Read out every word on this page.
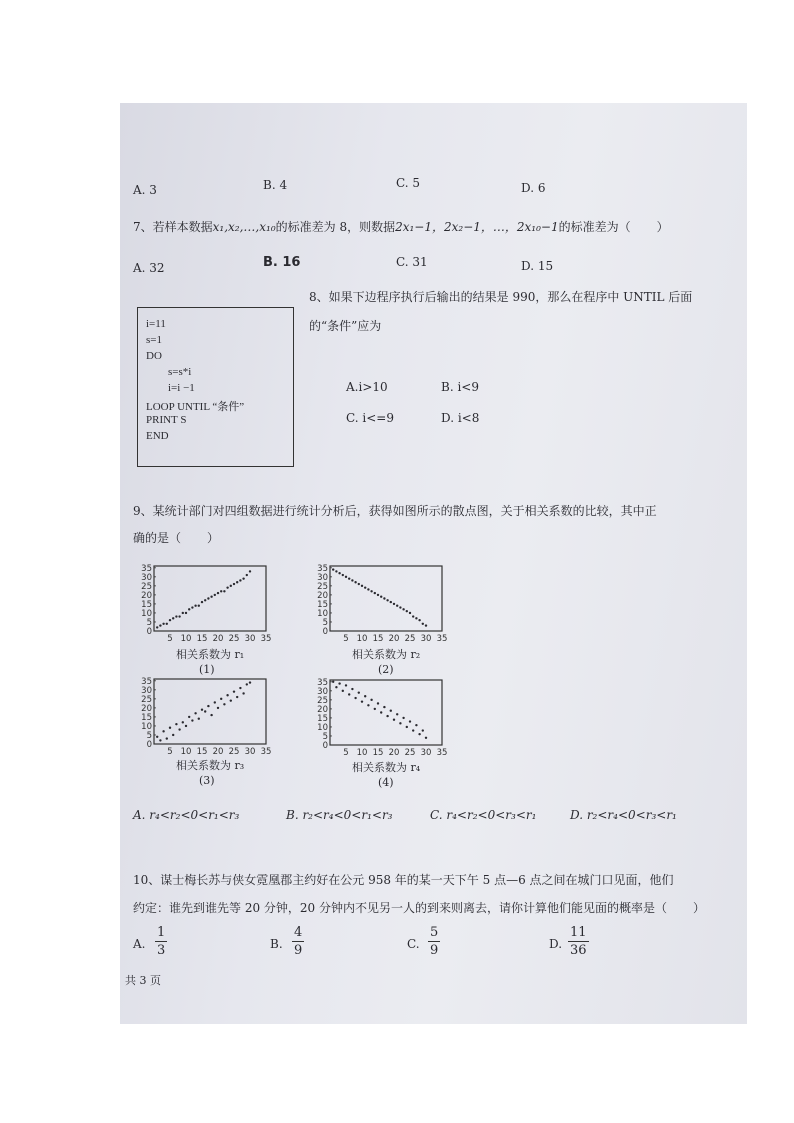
A. 3	B. 4	C. 5	D. 6
7、若样本数据x₁,x₂,…,x₁₀的标准差为 8，则数据2x₁−1，2x₂−1，…，2x₁₀−1的标准差为（ ）
A. 32	B. 16	C. 31	D. 15
8、如果下边程序执行后输出的结果是 990，那么在程序中 UNTIL 后面
的“条件”应为
i=11
s=1
DO
s=s*i
i=i −1
LOOP UNTIL “条件”
PRINT S
END
A.i>10	B. i<9
C. i<=9	D. i<8
9、某统计部门对四组数据进行统计分析后，获得如图所示的散点图，关于相关系数的比较，其中正
确的是（ ）
0
5
10
15
20
25
30
35
5 10 15 20 25 30 35
0
5
10
15
20
25
30
35
5 10 15 20 25 30 35
0
5
10
15
20
25
30
35
5 10 15 20 25 30 35
0
5
10
15
20
25
30
35
5 10 15 20 25 30 35
相关系数为 r₁
(1)
相关系数为 r₂
(2)
相关系数为 r₃
(3)
相关系数为 r₄
(4)
A. r₄<r₂<0<r₁<r₃	B. r₂<r₄<0<r₁<r₃	C. r₄<r₂<0<r₃<r₁	D. r₂<r₄<0<r₃<r₁
10、谋士梅长苏与侠女霓凰郡主约好在公元 958 年的某一天下午 5 点—6 点之间在城门口见面，他们
约定：谁先到谁先等 20 分钟，20 分钟内不见另一人的到来则离去，请你计算他们能见面的概率是（ ）
A. $\frac{1}{3}$	B. $\frac{4}{9}$	C. $\frac{5}{9}$	D. $\frac{11}{36}$
共 3 页
